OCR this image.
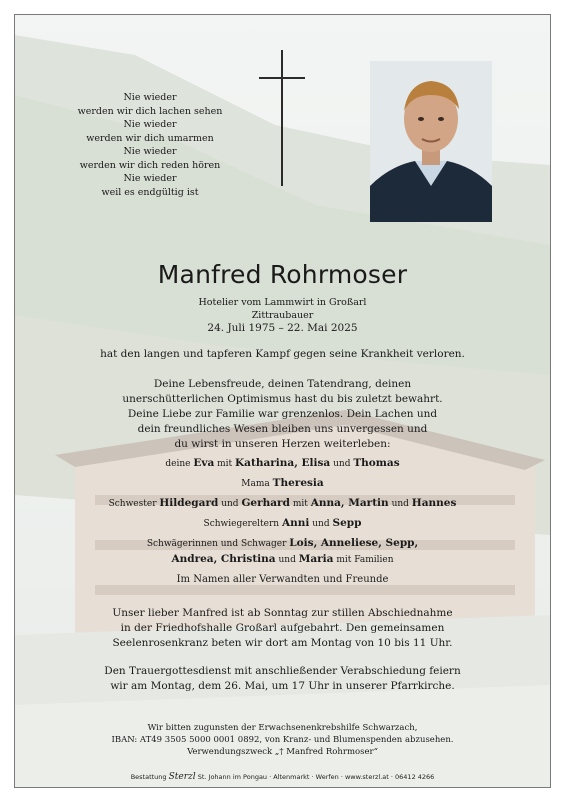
Nie wieder
werden wir dich lachen sehen
Nie wieder
werden wir dich umarmen
Nie wieder
werden wir dich reden hören
Nie wieder
weil es endgültig ist
Manfred Rohrmoser
Hotelier vom Lammwirt in Großarl
Zittraubauer
24. Juli 1975 – 22. Mai 2025
hat den langen und tapferen Kampf gegen seine Krankheit verloren.
Deine Lebensfreude, deinen Tatendrang, deinen
unerschütterlichen Optimismus hast du bis zuletzt bewahrt.
Deine Liebe zur Familie war grenzenlos. Dein Lachen und
dein freundliches Wesen bleiben uns unvergessen und
du wirst in unseren Herzen weiterleben:
deine Eva mit Katharina, Elisa und Thomas
Mama Theresia
Schwester Hildegard und Gerhard mit Anna, Martin und Hannes
Schwiegereltern Anni und Sepp
Schwägerinnen und Schwager Lois, Anneliese, Sepp,
Andrea, Christina und Maria mit Familien
Im Namen aller Verwandten und Freunde
Unser lieber Manfred ist ab Sonntag zur stillen Abschiednahme
in der Friedhofshalle Großarl aufgebahrt. Den gemeinsamen
Seelenrosenkranz beten wir dort am Montag von 10 bis 11 Uhr.
Den Trauergottesdienst mit anschließender Verabschiedung feiern
wir am Montag, dem 26. Mai, um 17 Uhr in unserer Pfarrkirche.
Wir bitten zugunsten der Erwachsenenkrebshilfe Schwarzach,
IBAN: AT49 3505 5000 0001 0892, von Kranz- und Blumenspenden abzusehen.
Verwendungszweck „† Manfred Rohrmoser“
Bestattung Sterzl St. Johann im Pongau · Altenmarkt · Werfen · www.sterzl.at · 06412 4266
